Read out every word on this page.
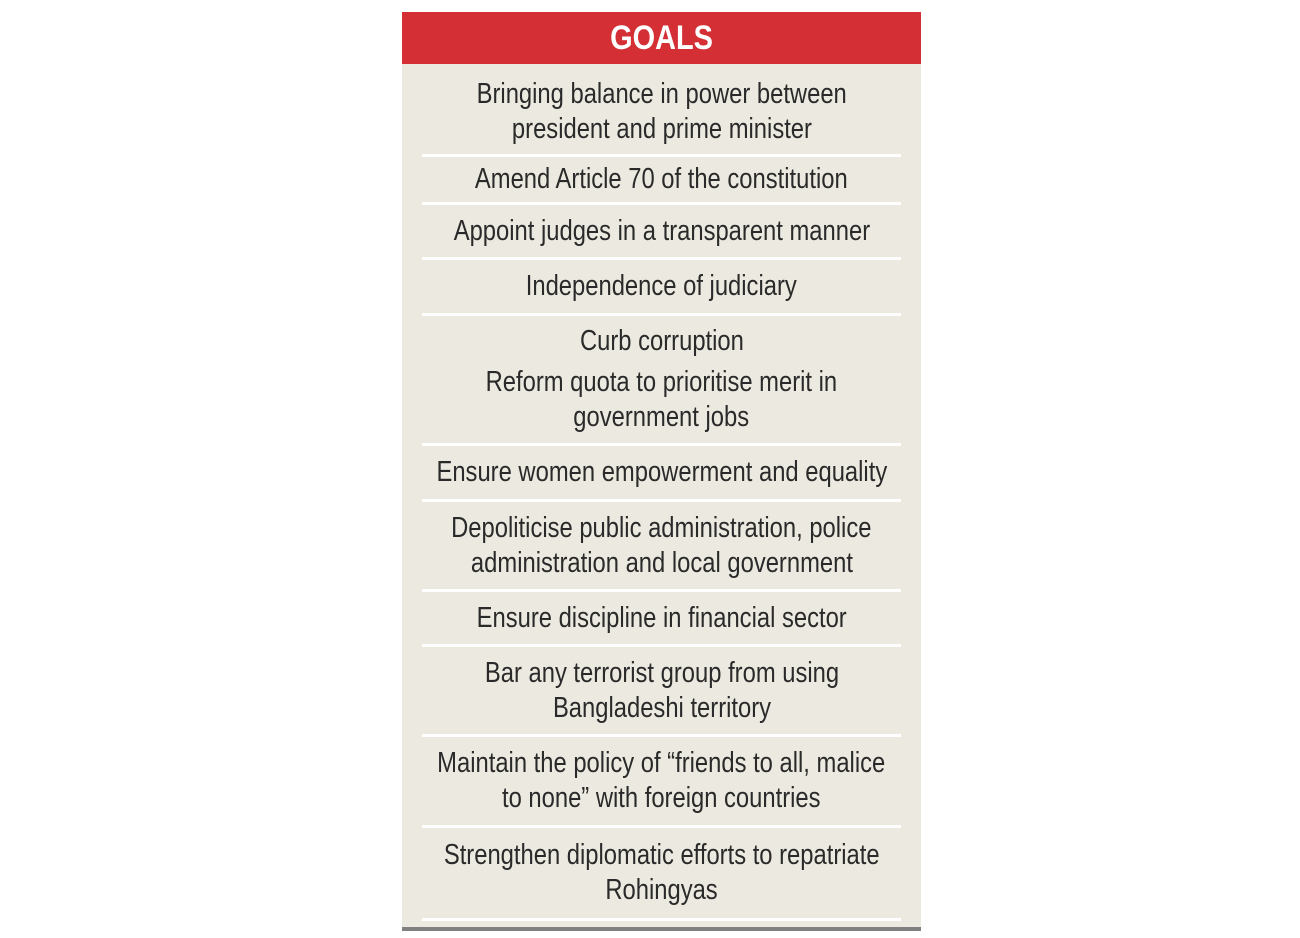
GOALS
Bringing balance in power between
president and prime minister
Amend Article 70 of the constitution
Appoint judges in a transparent manner
Independence of judiciary
Curb corruption
Reform quota to prioritise merit in
government jobs
Ensure women empowerment and equality
Depoliticise public administration, police
administration and local government
Ensure discipline in financial sector
Bar any terrorist group from using
Bangladeshi territory
Maintain the policy of “friends to all, malice
to none” with foreign countries
Strengthen diplomatic efforts to repatriate
Rohingyas
